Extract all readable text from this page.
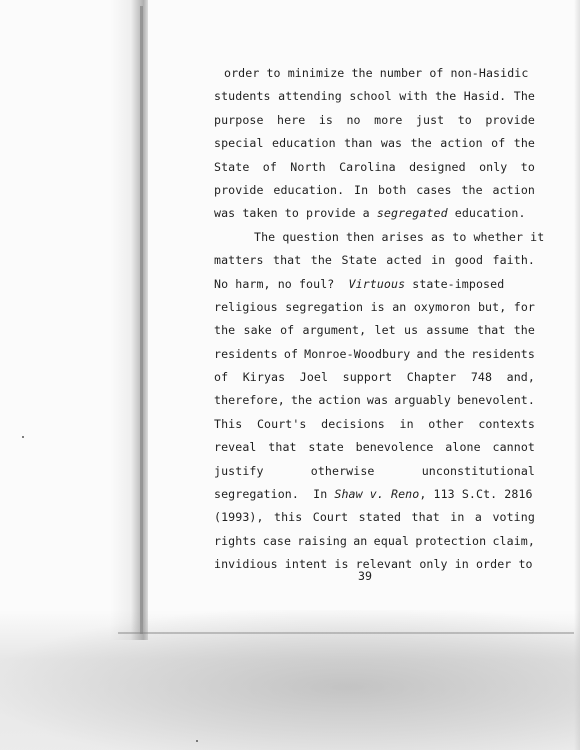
order to minimize the number of non-Hasidic
students attending school with the Hasid. The
purpose here is no more just to provide
special education than was the action of the
State of North Carolina designed only to
provide education. In both cases the action
was taken to provide a segregated education.
The question then arises as to whether it
matters that the State acted in good faith.
No harm, no foul?  Virtuous state-imposed
religious segregation is an oxymoron but, for
the sake of argument, let us assume that the
residents of Monroe-Woodbury and the residents
of Kiryas Joel support Chapter 748 and,
therefore, the action was arguably benevolent.
This Court's decisions in other contexts
reveal that state benevolence alone cannot
justify	otherwise	unconstitutional
segregation.  In Shaw v. Reno, 113 S.Ct. 2816
(1993), this Court stated that in a voting
rights case raising an equal protection claim,
invidious intent is relevant only in order to
39
